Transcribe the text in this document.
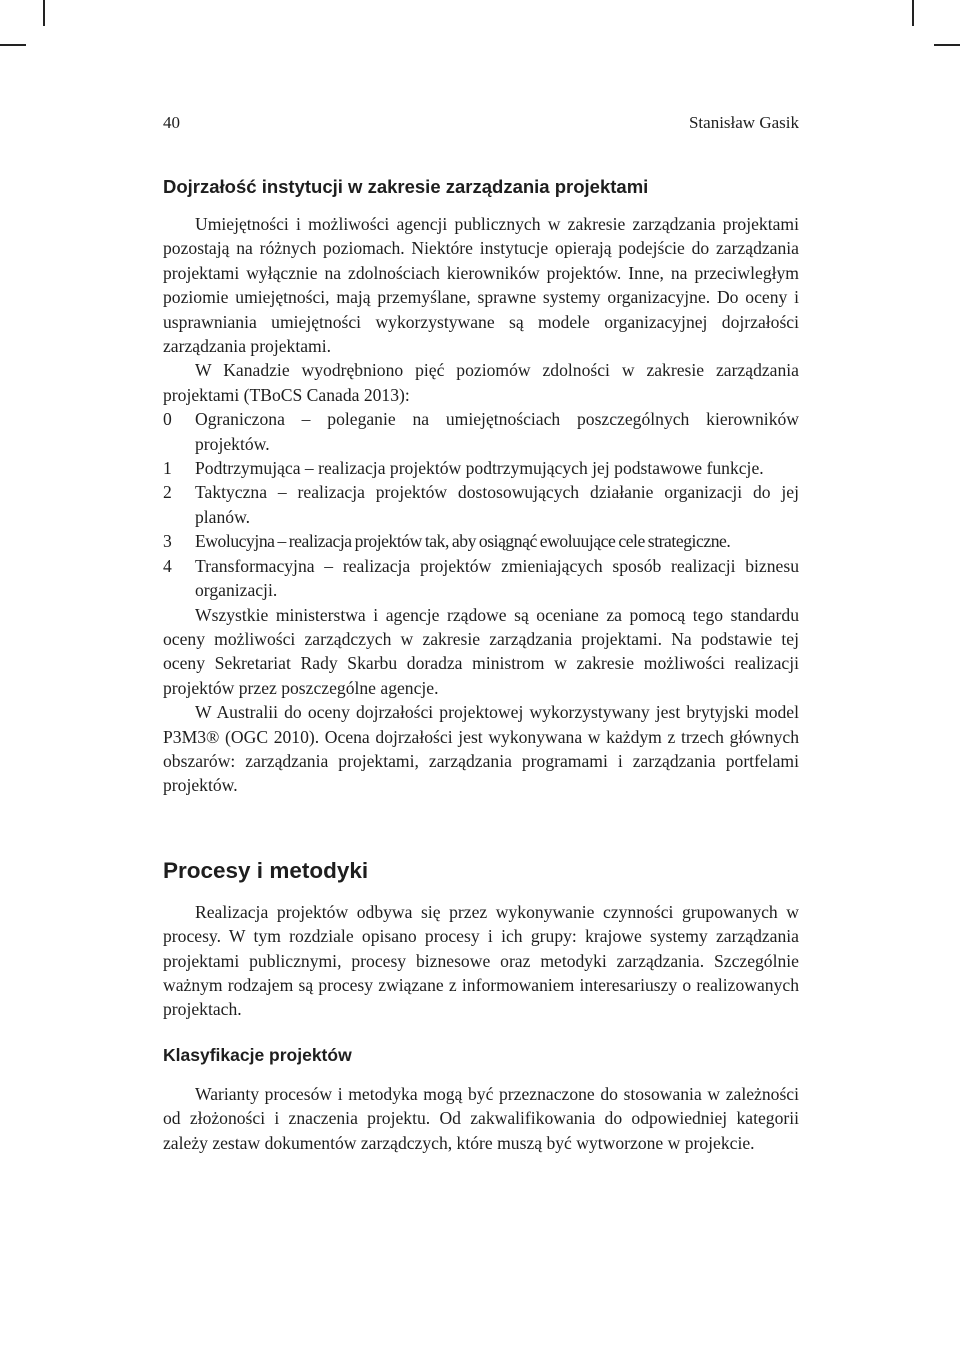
40	Stanisław Gasik
Dojrzałość instytucji w zakresie zarządzania projektami

Umiejętności i możliwości agencji publicznych w zakresie zarządzania projektami pozostają na różnych poziomach. Niektóre instytucje opierają podejście do zarządzania projektami wyłącznie na zdolnościach kierowników projektów. Inne, na przeciwległym poziomie umiejętności, mają przemyślane, sprawne systemy organizacyjne. Do oceny i usprawniania umiejętności wykorzystywane są modele organizacyjnej dojrzałości zarządzania projektami.

W Kanadzie wyodrębniono pięć poziomów zdolności w zakresie zarządzania projektami (TBoCS Canada 2013):

0 Ograniczona – poleganie na umiejętnościach poszczególnych kierowników projektów.
1 Podtrzymująca – realizacja projektów podtrzymujących jej podstawowe funkcje.
2 Taktyczna – realizacja projektów dostosowujących działanie organizacji do jej planów.
3 Ewolucyjna – realizacja projektów tak, aby osiągnąć ewoluujące cele strategiczne.
4 Transformacyjna – realizacja projektów zmieniających sposób realizacji biznesu organizacji.

Wszystkie ministerstwa i agencje rządowe są oceniane za pomocą tego standardu oceny możliwości zarządczych w zakresie zarządzania projektami. Na podstawie tej oceny Sekretariat Rady Skarbu doradza ministrom w zakresie możliwości realizacji projektów przez poszczególne agencje.

W Australii do oceny dojrzałości projektowej wykorzystywany jest brytyjski model P3M3® (OGC 2010). Ocena dojrzałości jest wykonywana w każdym z trzech głównych obszarów: zarządzania projektami, zarządzania programami i zarządzania portfelami projektów.

Procesy i metodyki

Realizacja projektów odbywa się przez wykonywanie czynności grupowanych w procesy. W tym rozdziale opisano procesy i ich grupy: krajowe systemy zarządzania projektami publicznymi, procesy biznesowe oraz metodyki zarządzania. Szczególnie ważnym rodzajem są procesy związane z informowaniem interesariuszy o realizowanych projektach.

Klasyfikacje projektów

Warianty procesów i metodyka mogą być przeznaczone do stosowania w zależności od złożoności i znaczenia projektu. Od zakwalifikowania do odpowiedniej kategorii zależy zestaw dokumentów zarządczych, które muszą być wytworzone w projekcie.
